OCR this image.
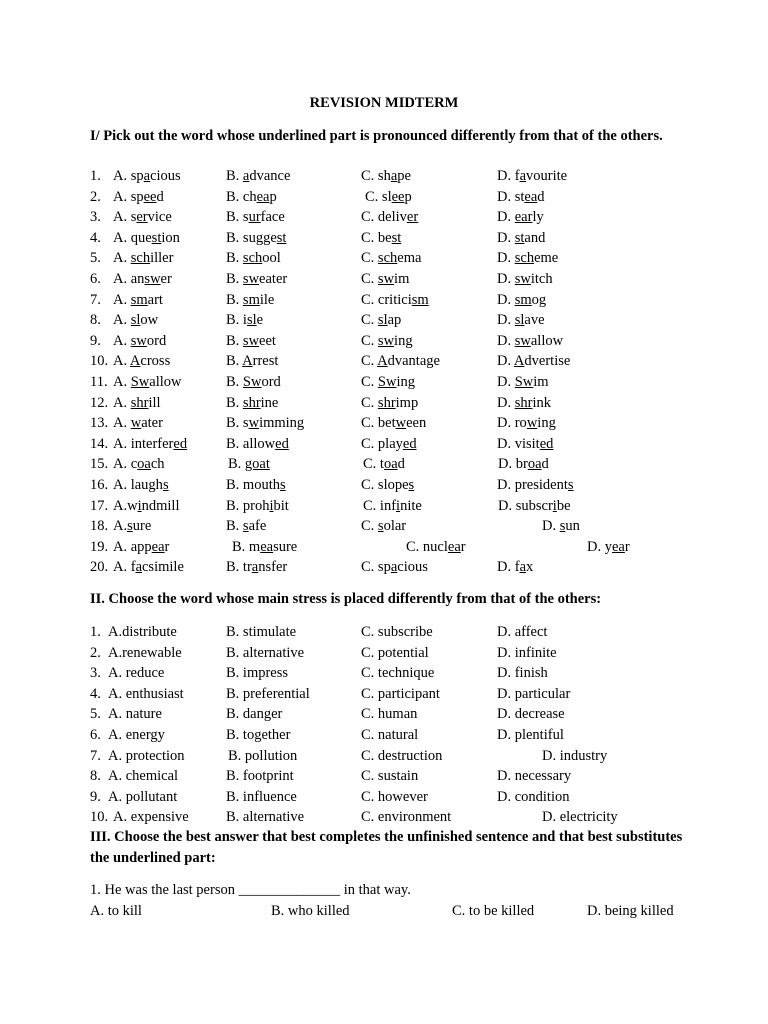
REVISION MIDTERM
I/ Pick out the word whose underlined part is pronounced differently from that of the others.
1. A. spacious	B. advance	C. shape	D. favourite
2. A. speed	B. cheap	C. sleep	D. stead
3. A. service	B. surface	C. deliver	D. early
4. A. question	B. suggest	C. best	D. stand
5. A. schiller	B. school	C. schema	D. scheme
6. A. answer	B. sweater	C. swim	D. switch
7. A. smart	B. smile	C. criticism	D. smog
8. A. slow	B. isle	C. slap	D. slave
9. A. sword	B. sweet	C. swing	D. swallow
10. A. Across	B. Arrest	C. Advantage	D. Advertise
11. A. Swallow	B. Sword	C. Swing	D. Swim
12. A. shrill	B. shrine	C. shrimp	D. shrink
13. A. water	B. swimming	C. between	D. rowing
14. A. interfered	B. allowed	C. played	D. visited
15. A. coach	B. goat	C. toad	D. broad
16. A. laughs	B. mouths	C. slopes	D. presidents
17. A.windmill	B. prohibit	C. infinite	D. subscribe
18. A.sure	B. safe	C. solar	D. sun
19. A. appear	B. measure	C. nuclear	D. year
20. A. facsimile	B. transfer	C. spacious	D. fax
II. Choose the word whose main stress is placed differently from that of the others:
1. A.distribute	B. stimulate	C. subscribe	D. affect
2. A.renewable	B. alternative	C. potential	D. infinite
3. A. reduce	B. impress	C. technique	D. finish
4. A. enthusiast	B. preferential	C. participant	D. particular
5. A. nature	B. danger	C. human	D. decrease
6. A. energy	B. together	C. natural	D. plentiful
7. A. protection	B. pollution	C. destruction	D. industry
8. A. chemical	B. footprint	C. sustain	D. necessary
9. A. pollutant	B. influence	C. however	D. condition
10. A. expensive	B. alternative	C. environment	D. electricity
III. Choose the best answer that best completes the unfinished sentence and that best substitutes the underlined part:
1. He was the last person ______________ in that way.
A. to kill	B. who killed	C. to be killed	D. being killed
